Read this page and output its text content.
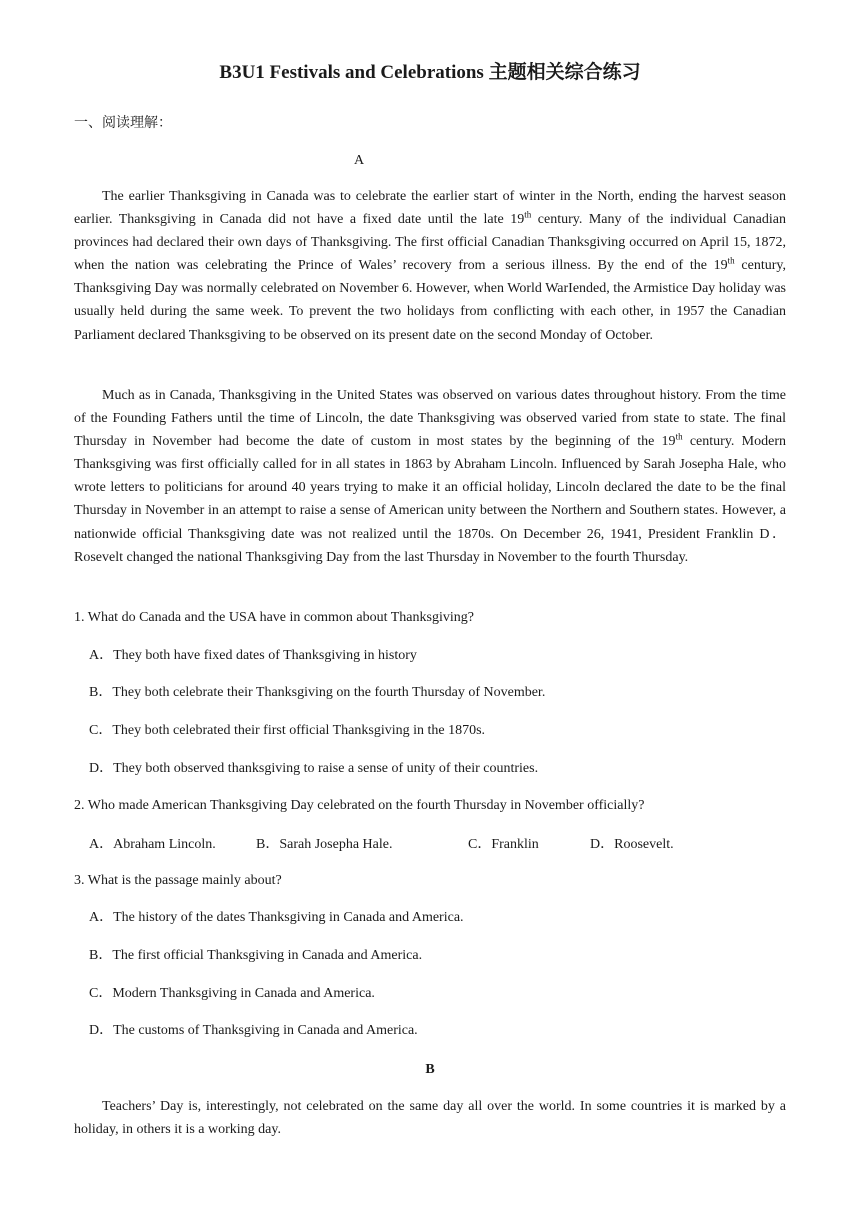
B3U1 Festivals and Celebrations 主题相关综合练习
一、阅读理解：
A

The earlier Thanksgiving in Canada was to celebrate the earlier start of winter in the North, ending the harvest season earlier. Thanksgiving in Canada did not have a fixed date until the late 19th century. Many of the individual Canadian provinces had declared their own days of Thanksgiving. The first official Canadian Thanksgiving occurred on April 15, 1872, when the nation was celebrating the Prince of Wales’ recovery from a serious illness. By the end of the 19th century, Thanksgiving Day was normally celebrated on November 6. However, when World WarIended, the Armistice Day holiday was usually held during the same week. To prevent the two holidays from conflicting with each other, in 1957 the Canadian Parliament declared Thanksgiving to be observed on its present date on the second Monday of October.

Much as in Canada, Thanksgiving in the United States was observed on various dates throughout history. From the time of the Founding Fathers until the time of Lincoln, the date Thanksgiving was observed varied from state to state. The final Thursday in November had become the date of custom in most states by the beginning of the 19th century. Modern Thanksgiving was first officially called for in all states in 1863 by Abraham Lincoln. Influenced by Sarah Josepha Hale, who wrote letters to politicians for around 40 years trying to make it an official holiday, Lincoln declared the date to be the final Thursday in November in an attempt to raise a sense of American unity between the Northern and Southern states. However, a nationwide official Thanksgiving date was not realized until the 1870s. On December 26, 1941, President Franklin D．Rosevelt changed the national Thanksgiving Day from the last Thursday in November to the fourth Thursday.

1. What do Canada and the USA have in common about Thanksgiving?
A．They both have fixed dates of Thanksgiving in history
B．They both celebrate their Thanksgiving on the fourth Thursday of November.
C．They both celebrated their first official Thanksgiving in the 1870s.
D．They both observed thanksgiving to raise a sense of unity of their countries.
2. Who made American Thanksgiving Day celebrated on the fourth Thursday in November officially?
A．Abraham Lincoln.	B．Sarah Josepha Hale.	C．Franklin	D．Roosevelt.
3. What is the passage mainly about?
A．The history of the dates Thanksgiving in Canada and America.
B．The first official Thanksgiving in Canada and America.
C．Modern Thanksgiving in Canada and America.
D．The customs of Thanksgiving in Canada and America.
B

Teachers’ Day is, interestingly, not celebrated on the same day all over the world. In some countries it is marked by a holiday, in others it is a working day.
